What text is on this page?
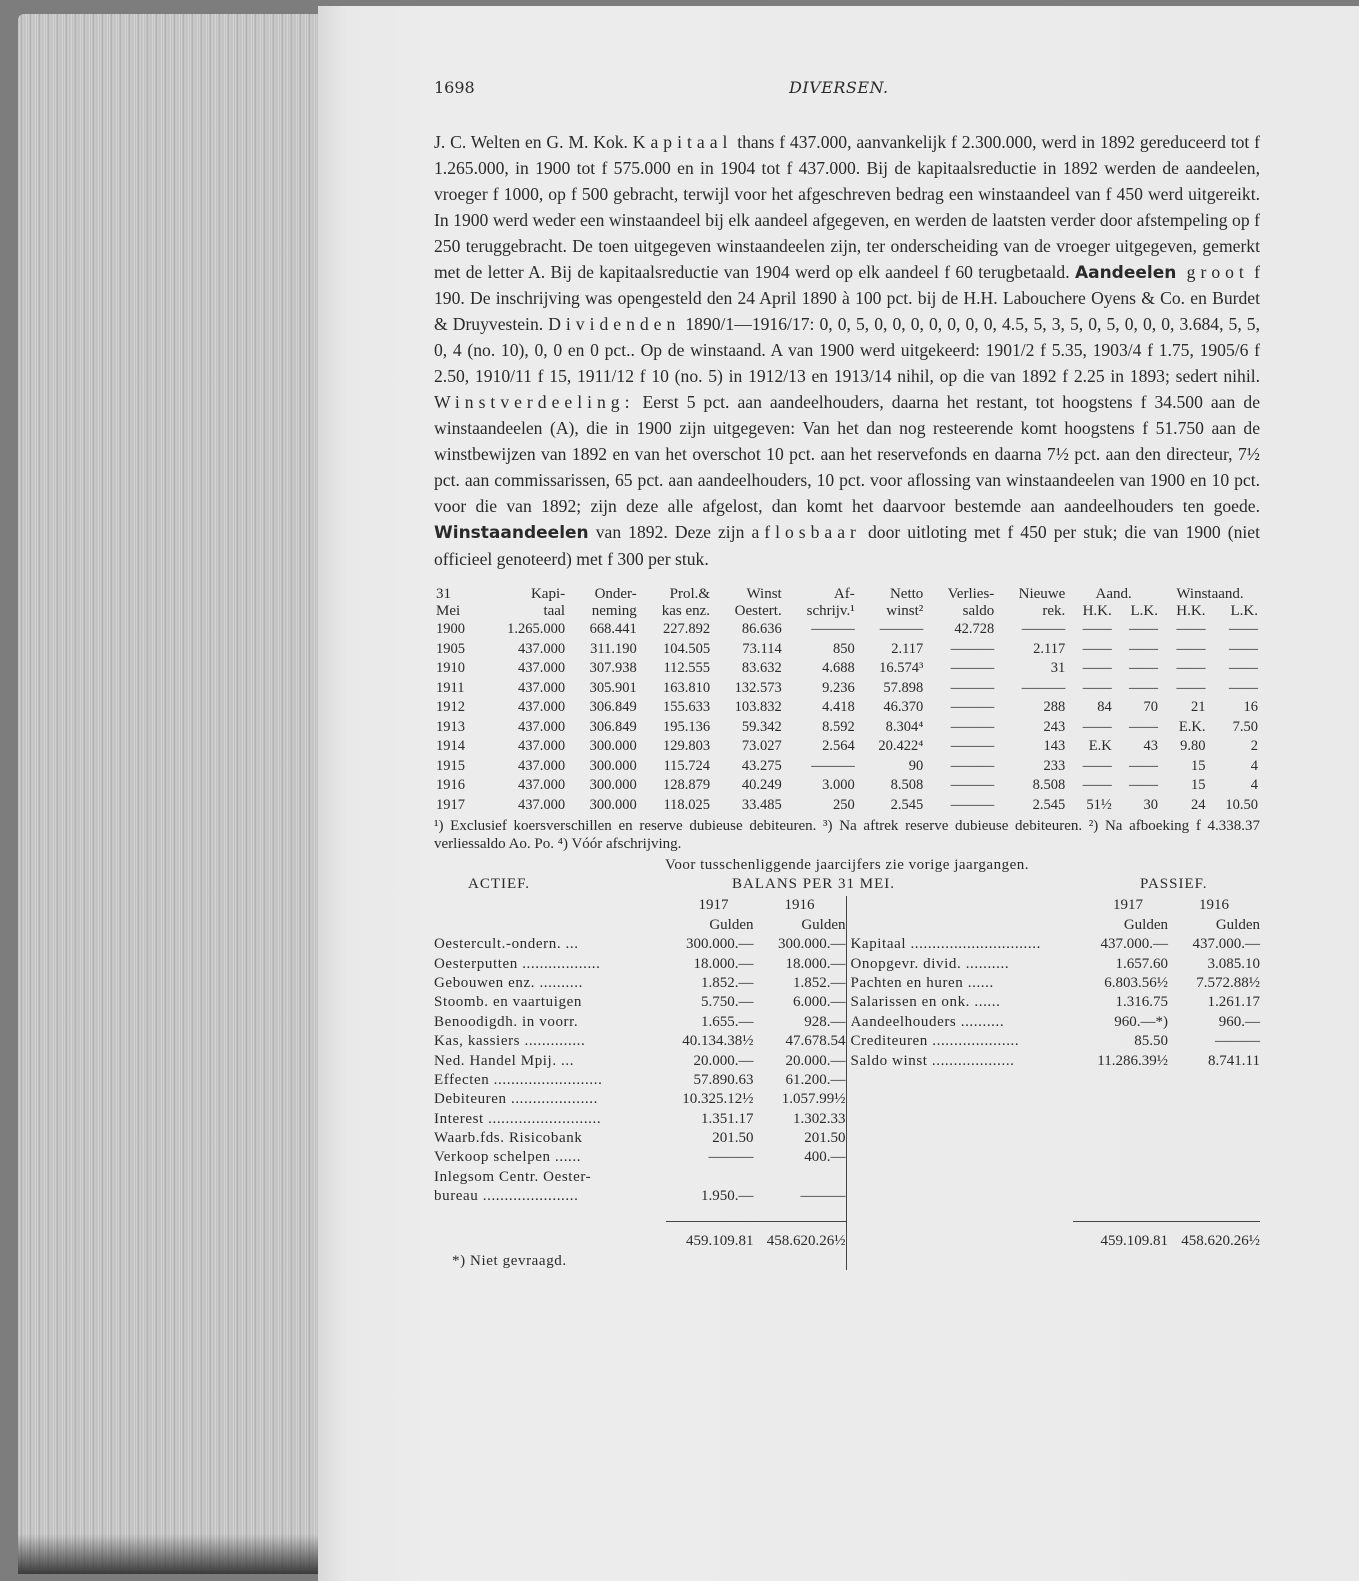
1698	DIVERSEN.
J. C. Welten en G. M. Kok. Kapitaal thans f 437.000, aanvankelijk f 2.300.000, werd in 1892 gereduceerd tot f 1.265.000, in 1900 tot f 575.000 en in 1904 tot f 437.000. Bij de kapitaalsreductie in 1892 werden de aandeelen, vroeger f 1000, op f 500 gebracht, terwijl voor het afgeschreven bedrag een winstaandeel van f 450 werd uitgereikt. In 1900 werd weder een winstaandeel bij elk aandeel afgegeven, en werden de laatsten verder door afstempeling op f 250 teruggebracht. De toen uitgegeven winstaandeelen zijn, ter onderscheiding van de vroeger uitgegeven, gemerkt met de letter A. Bij de kapitaalsreductie van 1904 werd op elk aandeel f 60 terugbetaald. Aandeelen groot f 190. De inschrijving was opengesteld den 24 April 1890 à 100 pct. bij de H.H. Labouchere Oyens & Co. en Burdet & Druyvestein. Dividenden 1890/1—1916/17: 0, 0, 5, 0, 0, 0, 0, 0, 0, 0, 4.5, 5, 3, 5, 0, 5, 0, 0, 0, 3.684, 5, 5, 0, 4 (no. 10), 0, 0 en 0 pct.. Op de winstaand. A van 1900 werd uitgekeerd: 1901/2 f 5.35, 1903/4 f 1.75, 1905/6 f 2.50, 1910/11 f 15, 1911/12 f 10 (no. 5) in 1912/13 en 1913/14 nihil, op die van 1892 f 2.25 in 1893; sedert nihil. Winstverdeeling: Eerst 5 pct. aan aandeelhouders, daarna het restant, tot hoogstens f 34.500 aan de winstaandeelen (A), die in 1900 zijn uitgegeven: Van het dan nog resteerende komt hoogstens f 51.750 aan de winstbewijzen van 1892 en van het overschot 10 pct. aan het reservefonds en daarna 7½ pct. aan den directeur, 7½ pct. aan commissarissen, 65 pct. aan aandeelhouders, 10 pct. voor aflossing van winstaandeelen van 1900 en 10 pct. voor die van 1892; zijn deze alle afgelost, dan komt het daarvoor bestemde aan aandeelhouders ten goede. Winstaandeelen van 1892. Deze zijn aflosbaar door uitloting met f 450 per stuk; die van 1900 (niet officieel genoteerd) met f 300 per stuk.
31	Kapi-	Onder-	Prol.&	Winst	Af-	Netto	Verlies-	Nieuwe	Aand.		Winstaand.	
Mei	taal	neming	kas enz.	Oestert.	schrijv.¹	winst²	saldo	rek.	H.K.	L.K.	H.K.	L.K.
1900	1.265.000	668.441	227.892	86.636	———	———	42.728	———	——	——	——	——
1905	437.000	311.190	104.505	73.114	850	2.117	———	2.117	——	——	——	——
1910	437.000	307.938	112.555	83.632	4.688	16.574³	———	31	——	——	——	——
1911	437.000	305.901	163.810	132.573	9.236	57.898	———	———	——	——	——	——
1912	437.000	306.849	155.633	103.832	4.418	46.370	———	288	84	70	21	16
1913	437.000	306.849	195.136	59.342	8.592	8.304⁴	———	243	——	——	E.K.	7.50
1914	437.000	300.000	129.803	73.027	2.564	20.422⁴	———	143	E.K	43	9.80	2
1915	437.000	300.000	115.724	43.275	———	90	———	233	——	——	15	4
1916	437.000	300.000	128.879	40.249	3.000	8.508	———	8.508	——	——	15	4
1917	437.000	300.000	118.025	33.485	250	2.545	———	2.545	51½	30	24	10.50
¹) Exclusief koersverschillen en reserve dubieuse debiteuren. ³) Na aftrek reserve dubieuse debiteuren. ²) Na afboeking f 4.338.37 verliessaldo Ao. Po. ⁴) Vóór afschrijving.
Voor tusschenliggende jaarcijfers zie vorige jaargangen.
ACTIEF.	BALANS PER 31 MEI.	PASSIEF.
1917	1916
Gulden	Gulden
Oestercult.-ondern. ...	300.000.—	300.000.—
Oesterputten ..................	18.000.—	18.000.—
Gebouwen enz. ..........	1.852.—	1.852.—
Stoomb. en vaartuigen	5.750.—	6.000.—
Benoodigdh. in voorr.	1.655.—	928.—
Kas, kassiers ..............	40.134.38½	47.678.54
Ned. Handel Mpij. ...	20.000.—	20.000.—
Effecten .........................	57.890.63	61.200.—
Debiteuren ....................	10.325.12½	1.057.99½
Interest ..........................	1.351.17	1.302.33
Waarb.fds. Risicobank	201.50	201.50
Verkoop schelpen ......	———	400.—
Inlegsom Centr. Oester-
bureau ......................	1.950.—	———
459.109.81 458.620.26½
*) Niet gevraagd.
1917	1916
Gulden	Gulden
Kapitaal ..............................	437.000.—	437.000.—
Onopgevr. divid. ..........	1.657.60	3.085.10
Pachten en huren ......	6.803.56½	7.572.88½
Salarissen en onk. ......	1.316.75	1.261.17
Aandeelhouders ..........	960.—*)	960.—
Crediteuren ....................	85.50	———
Saldo winst ...................	11.286.39½	8.741.11
459.109.81 458.620.26½
